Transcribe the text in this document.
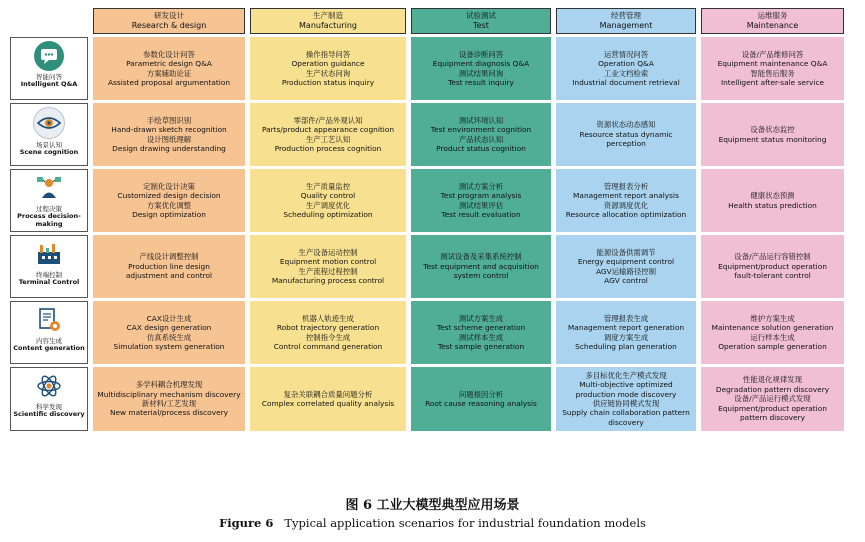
研发设计
Research & design
生产制造
Manufacturing
试验测试
Test
经营管理
Management
运维服务
Maintenance
智能问答
Intelligent Q&A
参数化设计问答
Parametric design Q&A
方案辅助论证
Assisted proposal argumentation
操作指导问答
Operation guidance
生产状态问询
Production status inquiry
设备诊断问答
Equipment diagnosis Q&A
测试结果问询
Test result inquiry
运营情况问答
Operation Q&A
工业文档检索
Industrial document retrieval
设备/产品维修问答
Equipment maintenance Q&A
智能售后服务
Intelligent after-sale service
场景认知
Scene cognition
手绘草图识别
Hand-drawn sketch recognition
设计图纸理解
Design drawing understanding
零部件/产品外观认知
Parts/product appearance cognition
生产工艺认知
Production process cognition
测试环境认知
Test environment cognition
产品状态认知
Product status cognition
资源状态动态感知
Resource status dynamic
perception
设备状态监控
Equipment status monitoring
过程决策
Process decision-making
定制化设计决策
Customized design decision
方案优化调整
Design optimization
生产质量监控
Quality control
生产调度优化
Scheduling optimization
测试方案分析
Test program analysis
测试结果评估
Test result evaluation
管理报表分析
Management report analysis
资源调度优化
Resource allocation optimization
健康状态预测
Health status prediction
终端控制
Terminal Control
产线设计调整控制
Production line design
adjustment and control
生产设备运动控制
Equipment motion control
生产流程过程控制
Manufacturing process control
测试设备及采集系统控制
Test equipment and acquisition
system control
能源设备供需调节
Energy equipment control
AGV运输路径控制
AGV control
设备/产品运行容错控制
Equipment/product operation
fault-tolerant control
内容生成
Content generation
CAX设计生成
CAX design generation
仿真系统生成
Simulation system generation
机器人轨迹生成
Robot trajectory generation
控制指令生成
Control command generation
测试方案生成
Test scheme generation
测试样本生成
Test sample generation
管理报表生成
Management report generation
调度方案生成
Scheduling plan generation
维护方案生成
Maintenance solution generation
运行样本生成
Operation sample generation
科学发现
Scientific discovery
多学科耦合机理发现
Multidisciplinary mechanism discovery
新材料/工艺发现
New material/process discovery
复杂关联耦合质量问题分析
Complex correlated quality analysis
问题根因分析
Root cause reasoning analysis
多目标优化生产模式发现
Multi-objective optimized
production mode discovery
供应链协同模式发现
Supply chain collaboration pattern
discovery
性能退化规律发现
Degradation pattern discovery
设备/产品运行模式发现
Equipment/product operation
pattern discovery
图 6 工业大模型典型应用场景
Figure 6 Typical application scenarios for industrial foundation models
